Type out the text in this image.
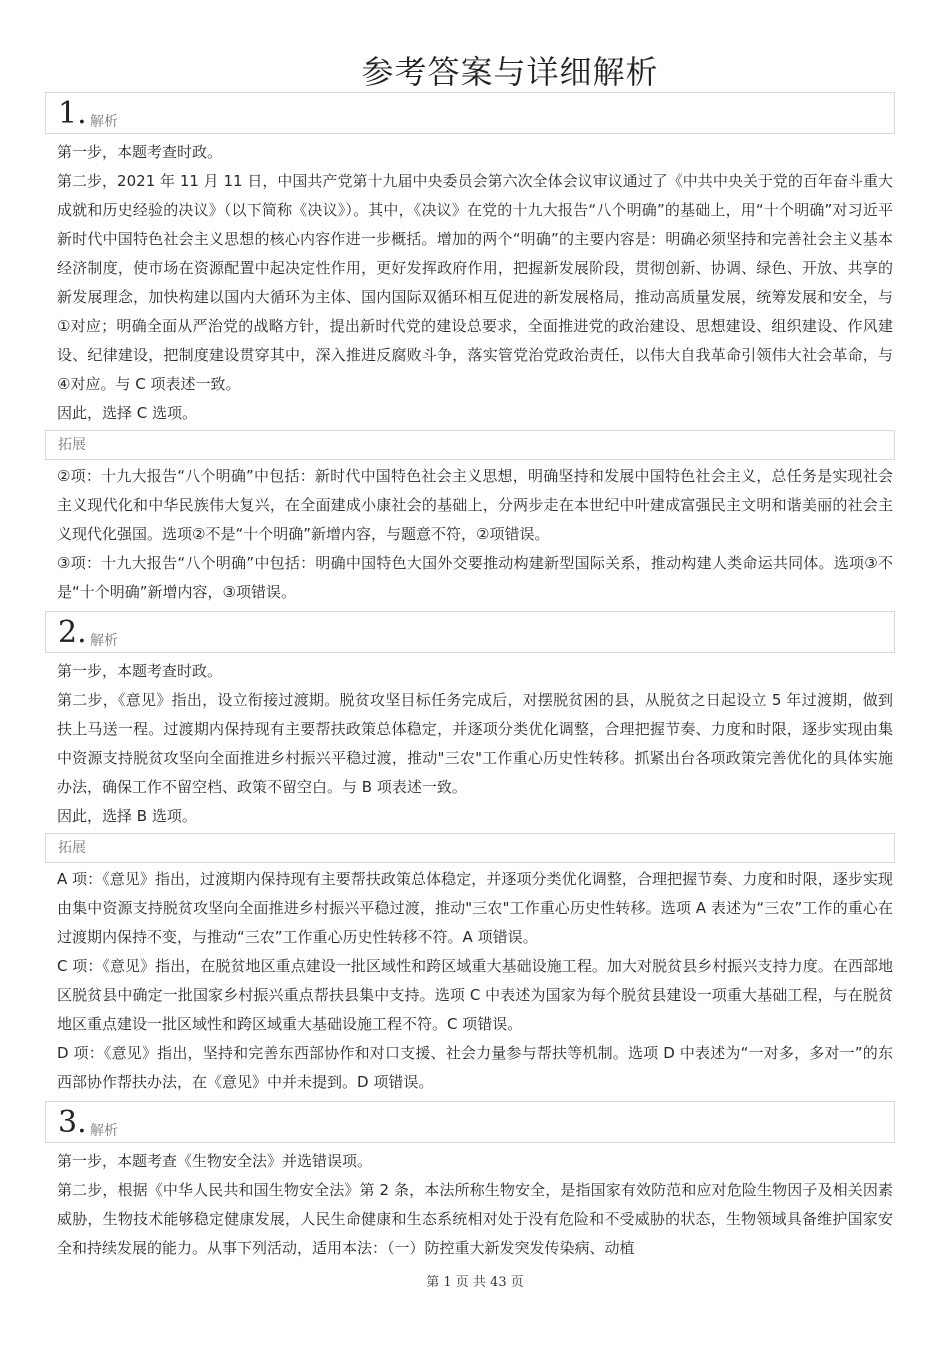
参考答案与详细解析
1. 解析

第一步，本题考查时政。

第二步，2021 年 11 月 11 日，中国共产党第十九届中央委员会第六次全体会议审议通过了《中共中央关于党的百年奋斗重大成就和历史经验的决议》（以下简称《决议》）。其中，《决议》在党的十九大报告“八个明确”的基础上，用“十个明确”对习近平新时代中国特色社会主义思想的核心内容作进一步概括。增加的两个“明确”的主要内容是：明确必须坚持和完善社会主义基本经济制度，使市场在资源配置中起决定性作用，更好发挥政府作用，把握新发展阶段，贯彻创新、协调、绿色、开放、共享的新发展理念，加快构建以国内大循环为主体、国内国际双循环相互促进的新发展格局，推动高质量发展，统筹发展和安全，与①对应；明确全面从严治党的战略方针，提出新时代党的建设总要求，全面推进党的政治建设、思想建设、组织建设、作风建设、纪律建设，把制度建设贯穿其中，深入推进反腐败斗争，落实管党治党政治责任，以伟大自我革命引领伟大社会革命，与④对应。与 C 项表述一致。

因此，选择 C 选项。

拓展

②项：十九大报告“八个明确”中包括：新时代中国特色社会主义思想，明确坚持和发展中国特色社会主义，总任务是实现社会主义现代化和中华民族伟大复兴，在全面建成小康社会的基础上，分两步走在本世纪中叶建成富强民主文明和谐美丽的社会主义现代化强国。选项②不是“十个明确”新增内容，与题意不符，②项错误。

③项：十九大报告“八个明确”中包括：明确中国特色大国外交要推动构建新型国际关系，推动构建人类命运共同体。选项③不是“十个明确”新增内容，③项错误。

2. 解析

第一步，本题考查时政。

第二步，《意见》指出，设立衔接过渡期。脱贫攻坚目标任务完成后，对摆脱贫困的县，从脱贫之日起设立 5 年过渡期，做到扶上马送一程。过渡期内保持现有主要帮扶政策总体稳定，并逐项分类优化调整，合理把握节奏、力度和时限，逐步实现由集中资源支持脱贫攻坚向全面推进乡村振兴平稳过渡，推动"三农"工作重心历史性转移。抓紧出台各项政策完善优化的具体实施办法，确保工作不留空档、政策不留空白。与 B 项表述一致。

因此，选择 B 选项。

拓展

A 项：《意见》指出，过渡期内保持现有主要帮扶政策总体稳定，并逐项分类优化调整，合理把握节奏、力度和时限，逐步实现由集中资源支持脱贫攻坚向全面推进乡村振兴平稳过渡，推动"三农"工作重心历史性转移。选项 A 表述为“三农”工作的重心在过渡期内保持不变，与推动“三农”工作重心历史性转移不符。A 项错误。

C 项：《意见》指出，在脱贫地区重点建设一批区域性和跨区域重大基础设施工程。加大对脱贫县乡村振兴支持力度。在西部地区脱贫县中确定一批国家乡村振兴重点帮扶县集中支持。选项 C 中表述为国家为每个脱贫县建设一项重大基础工程，与在脱贫地区重点建设一批区域性和跨区域重大基础设施工程不符。C 项错误。

D 项：《意见》指出，坚持和完善东西部协作和对口支援、社会力量参与帮扶等机制。选项 D 中表述为“一对多，多对一”的东西部协作帮扶办法，在《意见》中并未提到。D 项错误。

3. 解析

第一步，本题考查《生物安全法》并选错误项。

第二步，根据《中华人民共和国生物安全法》第 2 条，本法所称生物安全，是指国家有效防范和应对危险生物因子及相关因素威胁，生物技术能够稳定健康发展，人民生命健康和生态系统相对处于没有危险和不受威胁的状态，生物领域具备维护国家安全和持续发展的能力。从事下列活动，适用本法：（一）防控重大新发突发传染病、动植

第 1 页 共 43 页
